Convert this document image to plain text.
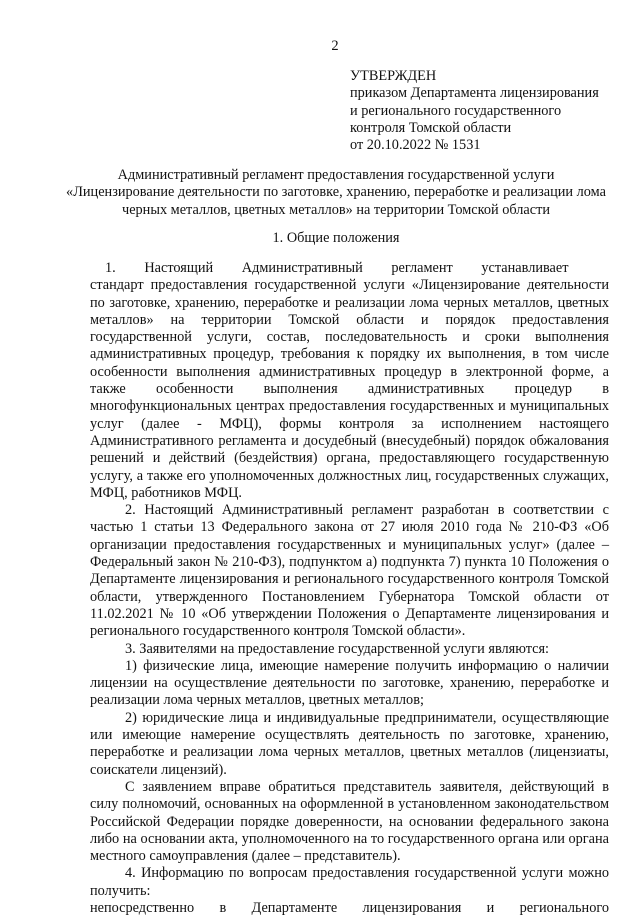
2
УТВЕРЖДЕН
приказом Департамента лицензирования
и регионального государственного
контроля Томской области
от 20.10.2022 № 1531
Административный регламент предоставления государственной услуги
«Лицензирование деятельности по заготовке, хранению, переработке и реализации лома
черных металлов, цветных металлов» на территории Томской области
1. Общие положения

1.  Настоящий  Административный  регламент  устанавливает  стандарт предоставления государственной услуги «Лицензирование деятельности по заготовке, хранению, переработке и реализации лома черных металлов, цветных металлов» на территории Томской области и порядок предоставления государственной услуги, состав, последовательность и сроки выполнения административных процедур, требования к порядку их выполнения, в том числе особенности выполнения административных процедур в электронной форме, а также особенности выполнения административных процедур в многофункциональных центрах предоставления государственных и муниципальных услуг (далее - МФЦ), формы контроля за исполнением настоящего Административного регламента и досудебный (внесудебный) порядок обжалования решений и действий (бездействия) органа, предоставляющего государственную услугу, а также его уполномоченных должностных лиц, государственных служащих, МФЦ, работников МФЦ.

2. Настоящий Административный регламент разработан в соответствии с частью 1 статьи 13 Федерального закона от 27 июля 2010 года № 210-ФЗ «Об организации предоставления государственных и муниципальных услуг» (далее – Федеральный закон № 210-ФЗ), подпунктом а) подпункта 7) пункта 10 Положения о Департаменте лицензирования и регионального государственного контроля Томской области, утвержденного Постановлением Губернатора Томской области от 11.02.2021 № 10 «Об утверждении Положения о Департаменте лицензирования и регионального государственного контроля Томской области».

3. Заявителями на предоставление государственной услуги являются:

1) физические лица, имеющие намерение получить информацию о наличии лицензии на осуществление деятельности по заготовке, хранению, переработке и реализации лома черных металлов, цветных металлов;

2) юридические лица и индивидуальные предприниматели, осуществляющие или имеющие намерение осуществлять деятельность по заготовке, хранению, переработке и реализации лома черных металлов, цветных металлов (лицензиаты, соискатели лицензий).

С заявлением вправе обратиться представитель заявителя, действующий в силу полномочий, основанных на оформленной в установленном законодательством Российской Федерации порядке доверенности, на основании федерального закона либо на основании акта, уполномоченного на то государственного органа или органа местного самоуправления (далее – представитель).

4. Информацию по вопросам предоставления государственной услуги можно получить:

непосредственно в Департаменте лицензирования и регионального
